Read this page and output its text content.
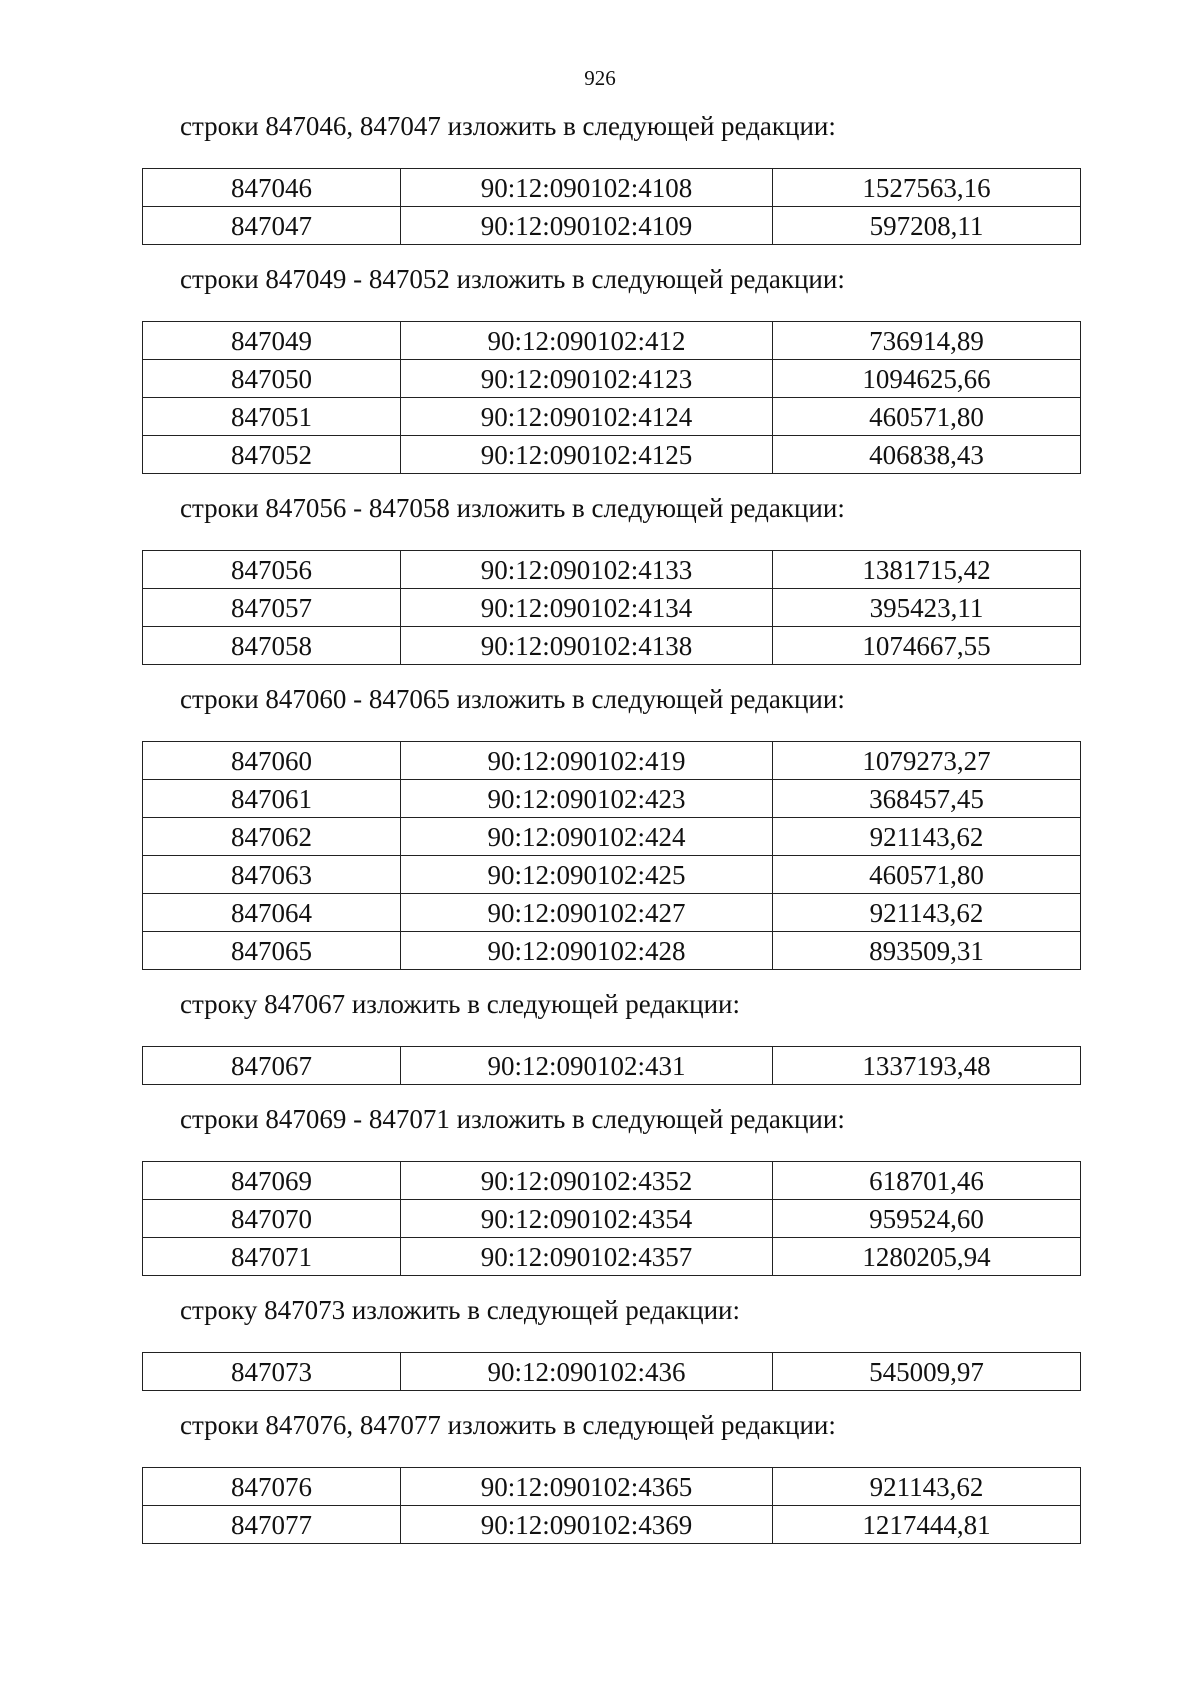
926

строки 847046, 847047 изложить в следующей редакции:

847046	90:12:090102:4108	1527563,16
847047	90:12:090102:4109	597208,11

строки 847049 - 847052 изложить в следующей редакции:

847049	90:12:090102:412	736914,89
847050	90:12:090102:4123	1094625,66
847051	90:12:090102:4124	460571,80
847052	90:12:090102:4125	406838,43

строки 847056 - 847058 изложить в следующей редакции:

847056	90:12:090102:4133	1381715,42
847057	90:12:090102:4134	395423,11
847058	90:12:090102:4138	1074667,55

строки 847060 - 847065 изложить в следующей редакции:

847060	90:12:090102:419	1079273,27
847061	90:12:090102:423	368457,45
847062	90:12:090102:424	921143,62
847063	90:12:090102:425	460571,80
847064	90:12:090102:427	921143,62
847065	90:12:090102:428	893509,31

строку 847067 изложить в следующей редакции:

847067	90:12:090102:431	1337193,48

строки 847069 - 847071 изложить в следующей редакции:

847069	90:12:090102:4352	618701,46
847070	90:12:090102:4354	959524,60
847071	90:12:090102:4357	1280205,94

строку 847073 изложить в следующей редакции:

847073	90:12:090102:436	545009,97

строки 847076, 847077 изложить в следующей редакции:

847076	90:12:090102:4365	921143,62
847077	90:12:090102:4369	1217444,81
